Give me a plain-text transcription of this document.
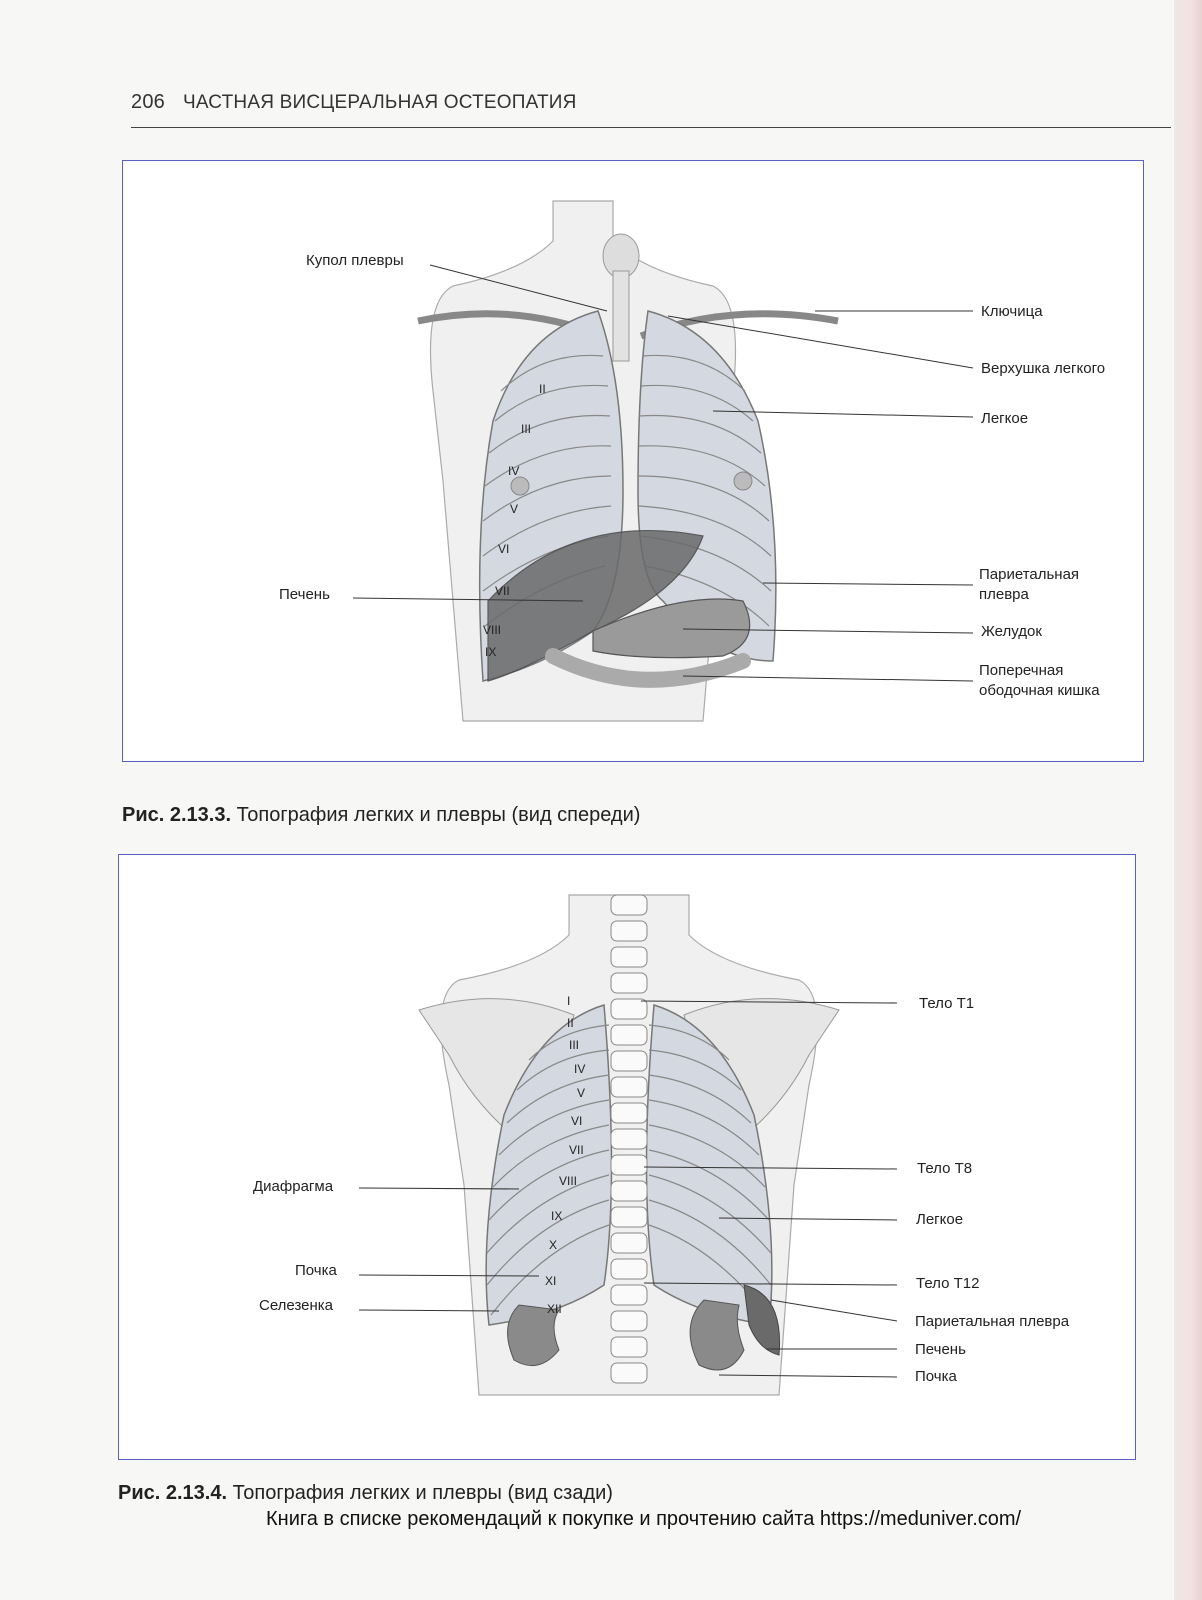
206 ЧАСТНАЯ ВИСЦЕРАЛЬНАЯ ОСТЕОПАТИЯ
II
III
IV
V
VI
VII
VIII
IX
Купол плевры
Ключица
Верхушка легкого
Легкое
Печень
Париетальная
плевра
Желудок
Поперечная
ободочная кишка
Рис. 2.13.3. Топография легких и плевры (вид спереди)
I
II
III
IV
V
VI
VII
VIII
IX
X
XI
XII
Тело Т1
Тело Т8
Диафрагма
Легкое
Почка
Тело Т12
Селезенка
Париетальная плевра
Печень
Почка
Рис. 2.13.4. Топография легких и плевры (вид сзади)
Книга в списке рекомендаций к покупке и прочтению сайта https://meduniver.com/
